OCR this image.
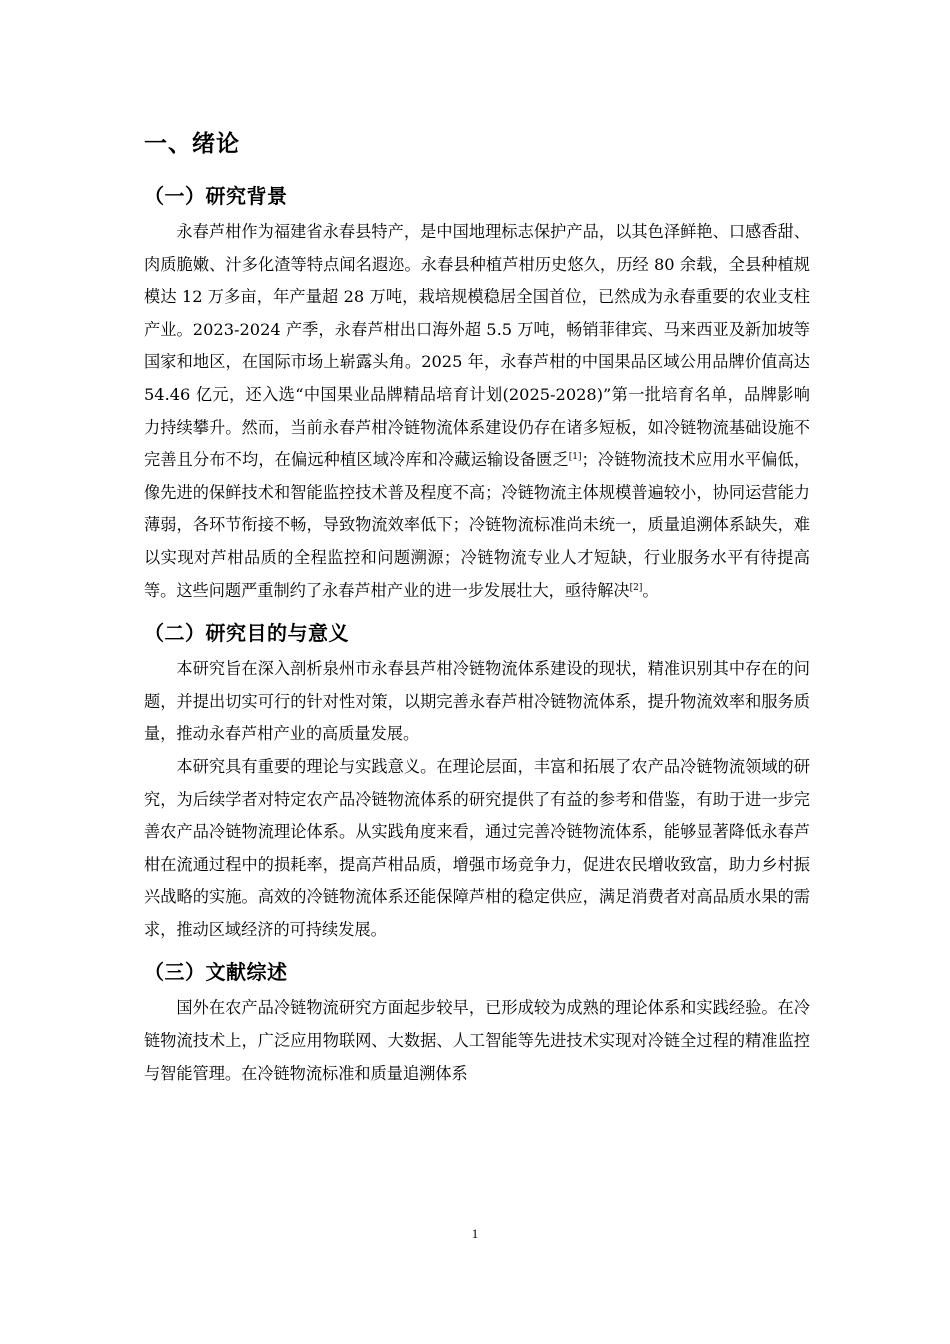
一、绪论
（一）研究背景

永春芦柑作为福建省永春县特产，是中国地理标志保护产品，以其色泽鲜艳、口感香甜、肉质脆嫩、汁多化渣等特点闻名遐迩。永春县种植芦柑历史悠久，历经 80 余载，全县种植规模达 12 万多亩，年产量超 28 万吨，栽培规模稳居全国首位，已然成为永春重要的农业支柱产业。2023-2024 产季，永春芦柑出口海外超 5.5 万吨，畅销菲律宾、马来西亚及新加坡等国家和地区，在国际市场上崭露头角。2025 年，永春芦柑的中国果品区域公用品牌价值高达 54.46 亿元，还入选“中国果业品牌精品培育计划(2025-2028)”第一批培育名单，品牌影响力持续攀升。然而，当前永春芦柑冷链物流体系建设仍存在诸多短板，如冷链物流基础设施不完善且分布不均，在偏远种植区域冷库和冷藏运输设备匮乏[1]；冷链物流技术应用水平偏低，像先进的保鲜技术和智能监控技术普及程度不高；冷链物流主体规模普遍较小，协同运营能力薄弱，各环节衔接不畅，导致物流效率低下；冷链物流标准尚未统一，质量追溯体系缺失，难以实现对芦柑品质的全程监控和问题溯源；冷链物流专业人才短缺，行业服务水平有待提高等。这些问题严重制约了永春芦柑产业的进一步发展壮大，亟待解决[2]。

（二）研究目的与意义

本研究旨在深入剖析泉州市永春县芦柑冷链物流体系建设的现状，精准识别其中存在的问题，并提出切实可行的针对性对策，以期完善永春芦柑冷链物流体系，提升物流效率和服务质量，推动永春芦柑产业的高质量发展。

本研究具有重要的理论与实践意义。在理论层面，丰富和拓展了农产品冷链物流领域的研究，为后续学者对特定农产品冷链物流体系的研究提供了有益的参考和借鉴，有助于进一步完善农产品冷链物流理论体系。从实践角度来看，通过完善冷链物流体系，能够显著降低永春芦柑在流通过程中的损耗率，提高芦柑品质，增强市场竞争力，促进农民增收致富，助力乡村振兴战略的实施。高效的冷链物流体系还能保障芦柑的稳定供应，满足消费者对高品质水果的需求，推动区域经济的可持续发展。

（三）文献综述

国外在农产品冷链物流研究方面起步较早，已形成较为成熟的理论体系和实践经验。在冷链物流技术上，广泛应用物联网、大数据、人工智能等先进技术实现对冷链全过程的精准监控与智能管理。在冷链物流标准和质量追溯体系

1
